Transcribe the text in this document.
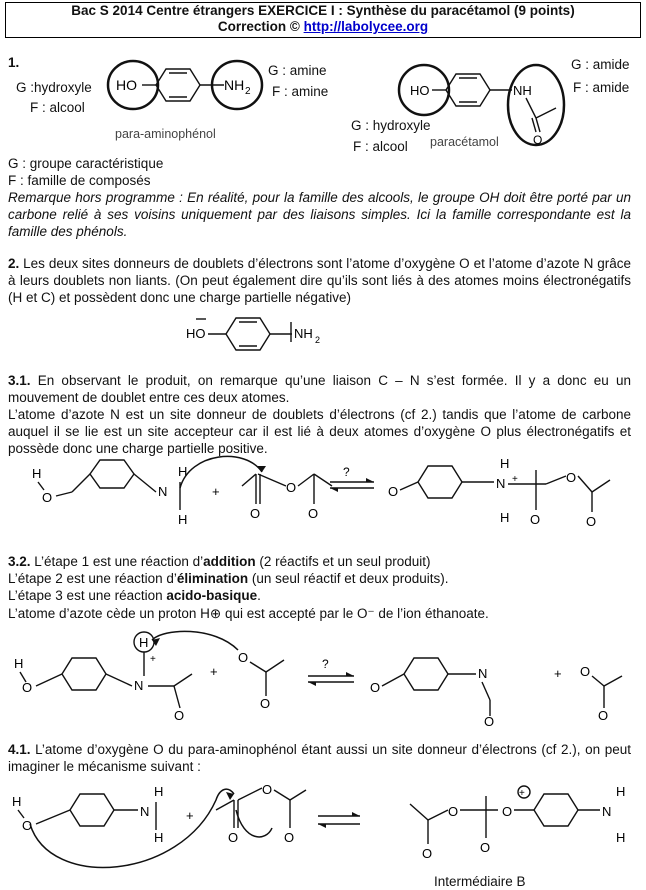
Bac S 2014 Centre étrangers EXERCICE I : Synthèse du paracétamol (9 points)
Correction © http://labolycee.org
1.
G :hydroxyle
F : alcool
G : amine
F : amine
para-aminophénol
HO	NH 2
G : amide
F : amide
G : hydroxyle
F : alcool paracétamol
HO	NH
O
G : groupe caractéristique
F : famille de composés
Remarque hors programme : En réalité, pour la famille des alcools, le groupe OH doit être porté par un carbone relié à ses voisins uniquement par des liaisons simples. Ici la famille correspondante est la famille des phénols.
2. Les deux sites donneurs de doublets d’électrons sont l’atome d’oxygène O et l’atome d’azote N grâce à leurs doublets non liants. (On peut également dire qu’ils sont liés à des atomes moins électronégatifs (H et C) et possèdent donc une charge partielle négative)
HO	NH 2
3.1. En observant le produit, on remarque qu’une liaison C – N s’est formée. Il y a donc eu un mouvement de doublet entre ces deux atomes.
L’atome d’azote N est un site donneur de doublets d’électrons (cf 2.) tandis que l’atome de carbone auquel il se lie est un site accepteur car il est lié à deux atomes d’oxygène O plus électronégatifs et possède donc une charge partielle positive.
H
O	N
H
H
+
O
O
O
?
O
H
N +
H O
O
O
3.2. L’étape 1 est une réaction d’addition (2 réactifs et un seul produit)
L’étape 2 est une réaction d’élimination (un seul réactif et deux produits).
L’étape 3 est une réaction acido-basique.
L’atome d’azote cède un proton H⊕ qui est accepté par le O⁻ de l’ion éthanoate.
H
O
H
N
+
O
+
O
O
?
O
N
O
+ O
O
4.1. L’atome d’oxygène O du para-aminophénol étant aussi un site donneur d’électrons (cf 2.), on peut imaginer le mécanisme suivant :
H
O
N
H
H
+
O
O
O
O
O
O
O
+
N
H
H
Intermédiaire B
